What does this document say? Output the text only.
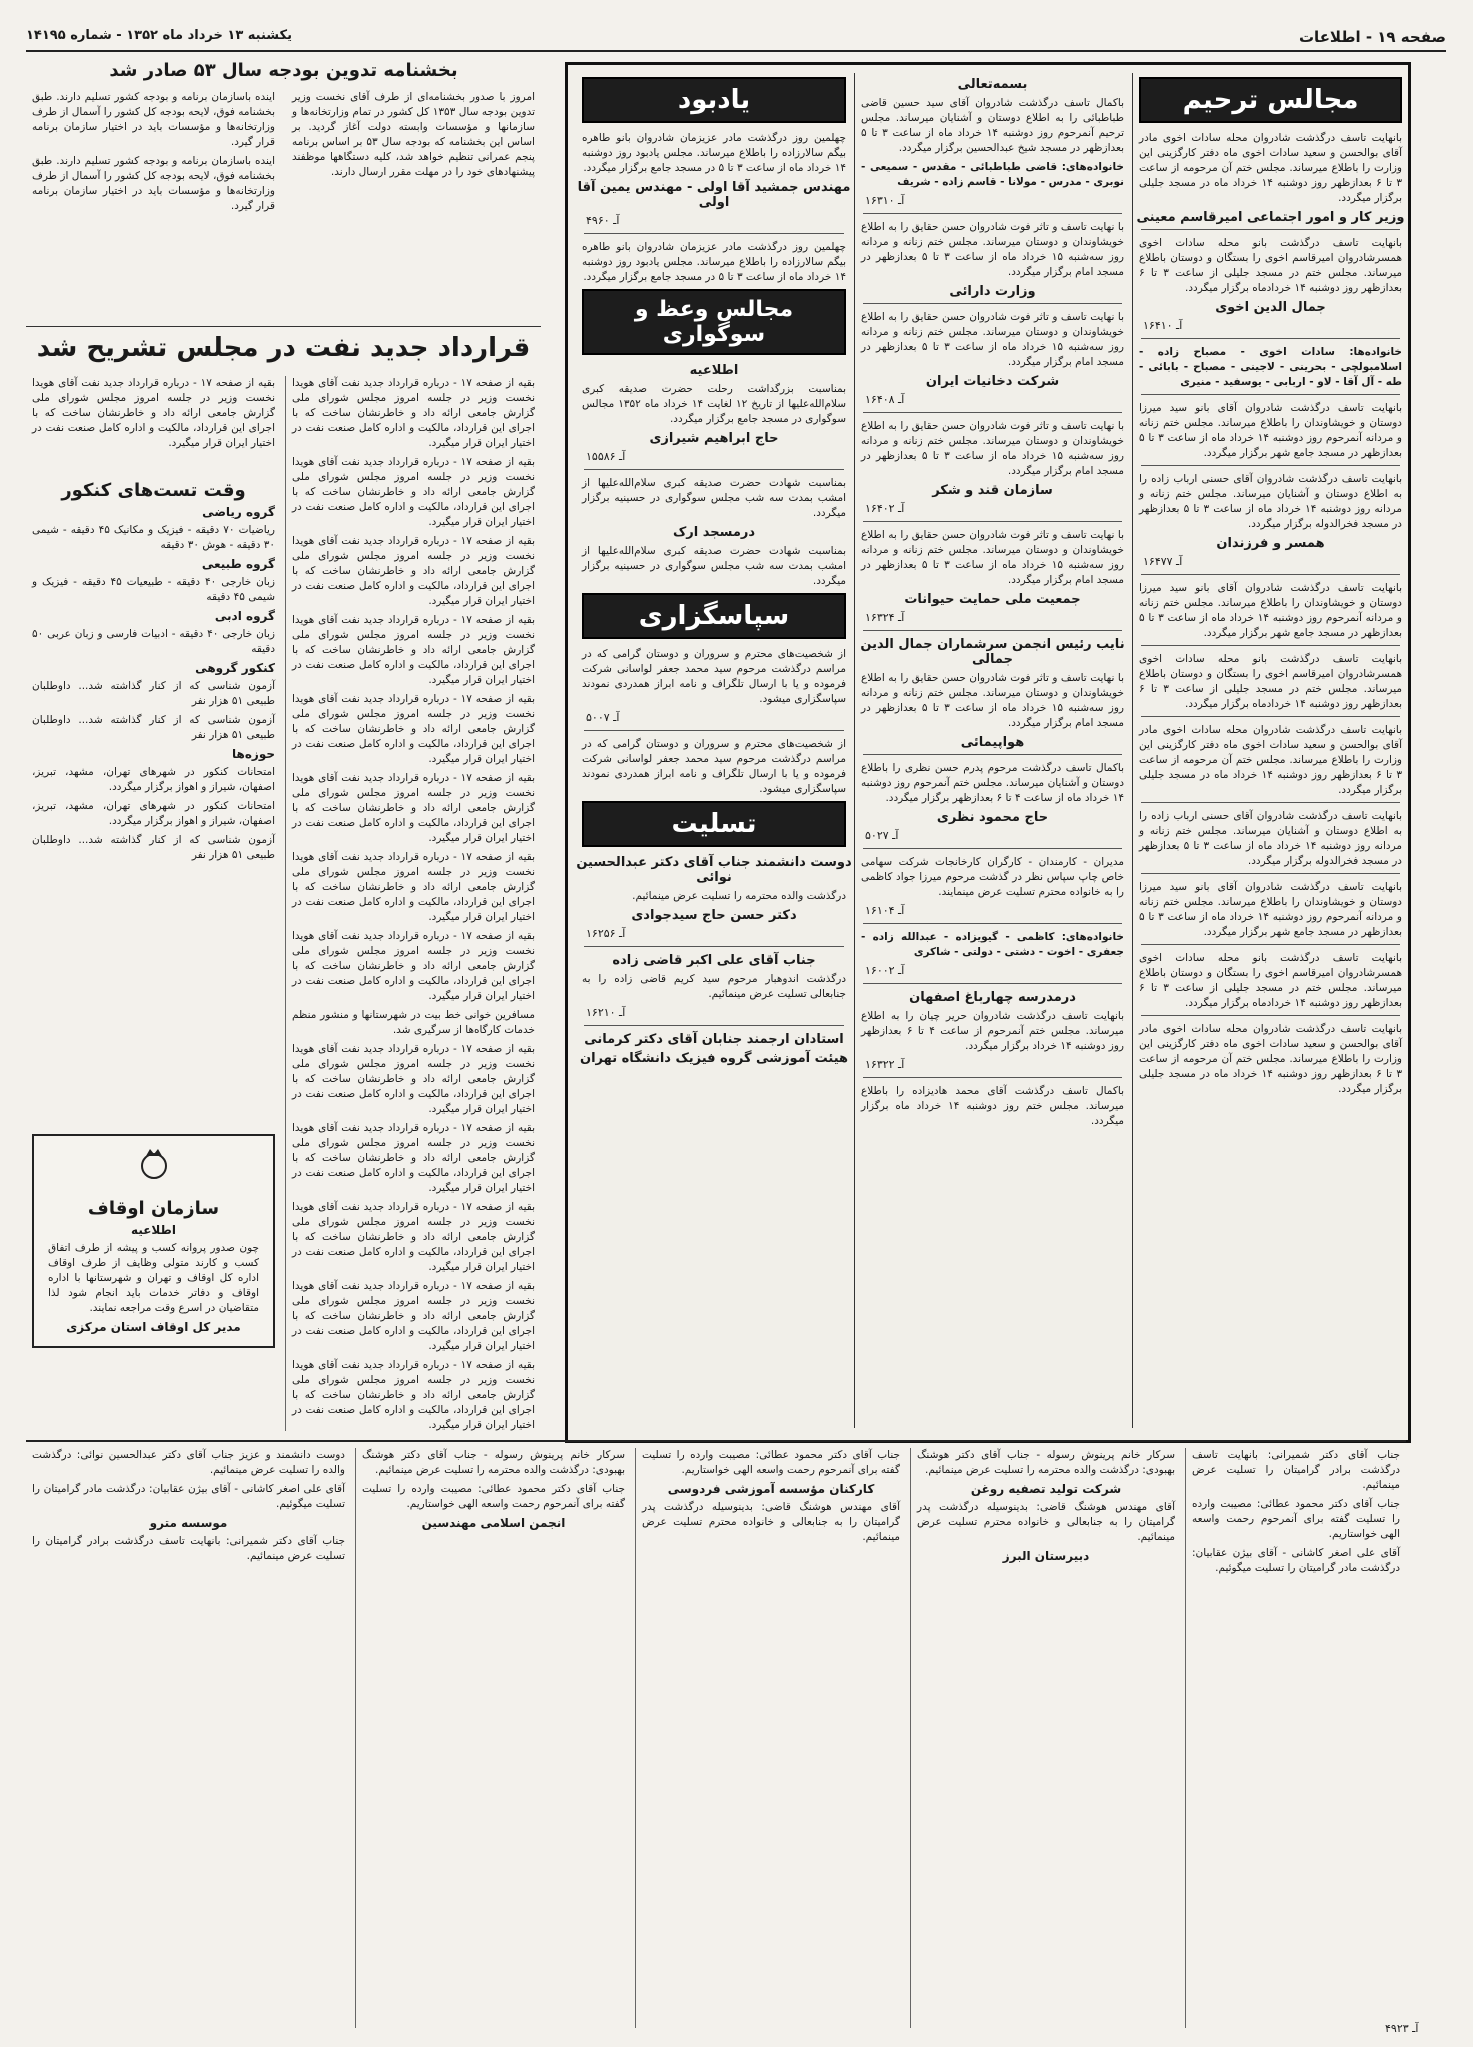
صفحه ۱۹ - اطلاعات
یکشنبه ۱۳ خرداد ماه ۱۳۵۲ - شماره ۱۴۱۹۵
مجالس ترحیم
بانهایت تاسف درگذشت شادروان محله سادات اخوی مادر آقای بوالحسن و سعید سادات اخوی ماه دفتر کارگزینی این وزارت را باطلاع میرساند. مجلس ختم آن مرحومه از ساعت ۳ تا ۶ بعدازظهر روز دوشنبه ۱۴ خرداد ماه در مسجد جلیلی برگزار میگردد.
وزیر کار و امور اجتماعی امیرقاسم معینی
بانهایت تاسف درگذشت بانو محله سادات اخوی همسرشادروان امیرقاسم اخوی را بستگان و دوستان باطلاع میرساند. مجلس ختم در مسجد جلیلی از ساعت ۳ تا ۶ بعدازظهر روز دوشنبه ۱۴ خردادماه برگزار میگردد.
جمال الدین اخوی
آـ ۱۶۴۱۰
خانواده‌ها: سادات اخوی - مصباح زاده - اسلامبولچی - بحرینی - لاجینی - مصباح - بابائی - طه - آل آقا - لاو - اربابی - یوسفید - منیری
بانهایت تاسف درگذشت شادروان آقای بانو سید میرزا دوستان و خویشاوندان را باطلاع میرساند. مجلس ختم زنانه و مردانه آنمرحوم روز دوشنبه ۱۴ خرداد ماه از ساعت ۳ تا ۵ بعدازظهر در مسجد جامع شهر برگزار میگردد.
بانهایت تاسف درگذشت شادروان آقای حسنی ارباب زاده را به اطلاع دوستان و آشنایان میرساند. مجلس ختم زنانه و مردانه روز دوشنبه ۱۴ خرداد ماه از ساعت ۳ تا ۵ بعدازظهر در مسجد فخرالدوله برگزار میگردد.
همسر و فرزندان
آـ ۱۶۴۷۷
بانهایت تاسف درگذشت شادروان آقای بانو سید میرزا دوستان و خویشاوندان را باطلاع میرساند. مجلس ختم زنانه و مردانه آنمرحوم روز دوشنبه ۱۴ خرداد ماه از ساعت ۳ تا ۵ بعدازظهر در مسجد جامع شهر برگزار میگردد.
بانهایت تاسف درگذشت بانو محله سادات اخوی همسرشادروان امیرقاسم اخوی را بستگان و دوستان باطلاع میرساند. مجلس ختم در مسجد جلیلی از ساعت ۳ تا ۶ بعدازظهر روز دوشنبه ۱۴ خردادماه برگزار میگردد.
بانهایت تاسف درگذشت شادروان محله سادات اخوی مادر آقای بوالحسن و سعید سادات اخوی ماه دفتر کارگزینی این وزارت را باطلاع میرساند. مجلس ختم آن مرحومه از ساعت ۳ تا ۶ بعدازظهر روز دوشنبه ۱۴ خرداد ماه در مسجد جلیلی برگزار میگردد.
بانهایت تاسف درگذشت شادروان آقای حسنی ارباب زاده را به اطلاع دوستان و آشنایان میرساند. مجلس ختم زنانه و مردانه روز دوشنبه ۱۴ خرداد ماه از ساعت ۳ تا ۵ بعدازظهر در مسجد فخرالدوله برگزار میگردد.
بانهایت تاسف درگذشت شادروان آقای بانو سید میرزا دوستان و خویشاوندان را باطلاع میرساند. مجلس ختم زنانه و مردانه آنمرحوم روز دوشنبه ۱۴ خرداد ماه از ساعت ۳ تا ۵ بعدازظهر در مسجد جامع شهر برگزار میگردد.
بانهایت تاسف درگذشت بانو محله سادات اخوی همسرشادروان امیرقاسم اخوی را بستگان و دوستان باطلاع میرساند. مجلس ختم در مسجد جلیلی از ساعت ۳ تا ۶ بعدازظهر روز دوشنبه ۱۴ خردادماه برگزار میگردد.
بانهایت تاسف درگذشت شادروان محله سادات اخوی مادر آقای بوالحسن و سعید سادات اخوی ماه دفتر کارگزینی این وزارت را باطلاع میرساند. مجلس ختم آن مرحومه از ساعت ۳ تا ۶ بعدازظهر روز دوشنبه ۱۴ خرداد ماه در مسجد جلیلی برگزار میگردد.
بسمه‌تعالی
باکمال تاسف درگذشت شادروان آقای سید حسین قاضی طباطبائی را به اطلاع دوستان و آشنایان میرساند. مجلس ترحیم آنمرحوم روز دوشنبه ۱۴ خرداد ماه از ساعت ۳ تا ۵ بعدازظهر در مسجد شیخ عبدالحسین برگزار میگردد.
خانواده‌های: قاضی طباطبائی - مقدس - سمیعی - نوبری - مدرس - مولانا - قاسم زاده - شریف
آـ ۱۶۳۱۰
با نهایت تاسف و تاثر فوت شادروان حسن حقایق را به اطلاع خویشاوندان و دوستان میرساند. مجلس ختم زنانه و مردانه روز سه‌شنبه ۱۵ خرداد ماه از ساعت ۳ تا ۵ بعدازظهر در مسجد امام برگزار میگردد.
وزارت دارائی
با نهایت تاسف و تاثر فوت شادروان حسن حقایق را به اطلاع خویشاوندان و دوستان میرساند. مجلس ختم زنانه و مردانه روز سه‌شنبه ۱۵ خرداد ماه از ساعت ۳ تا ۵ بعدازظهر در مسجد امام برگزار میگردد.
شرکت دخانیات ایران
آـ ۱۶۴۰۸
با نهایت تاسف و تاثر فوت شادروان حسن حقایق را به اطلاع خویشاوندان و دوستان میرساند. مجلس ختم زنانه و مردانه روز سه‌شنبه ۱۵ خرداد ماه از ساعت ۳ تا ۵ بعدازظهر در مسجد امام برگزار میگردد.
سازمان قند و شکر
آـ ۱۶۴۰۲
با نهایت تاسف و تاثر فوت شادروان حسن حقایق را به اطلاع خویشاوندان و دوستان میرساند. مجلس ختم زنانه و مردانه روز سه‌شنبه ۱۵ خرداد ماه از ساعت ۳ تا ۵ بعدازظهر در مسجد امام برگزار میگردد.
جمعیت ملی حمایت حیوانات
آـ ۱۶۳۲۴
نایب رئیس انجمن سرشماران جمال الدین جمالی
با نهایت تاسف و تاثر فوت شادروان حسن حقایق را به اطلاع خویشاوندان و دوستان میرساند. مجلس ختم زنانه و مردانه روز سه‌شنبه ۱۵ خرداد ماه از ساعت ۳ تا ۵ بعدازظهر در مسجد امام برگزار میگردد.
هواپیمائی
باکمال تاسف درگذشت مرحوم پدرم حسن نظری را باطلاع دوستان و آشنایان میرساند. مجلس ختم آنمرحوم روز دوشنبه ۱۴ خرداد ماه از ساعت ۴ تا ۶ بعدازظهر برگزار میگردد.
حاج محمود نظری
آـ ۵۰۲۷
مدیران - کارمندان - کارگران کارخانجات شرکت سهامی خاص چاپ سپاس نظر در گذشت مرحوم میرزا جواد کاظمی را به خانواده محترم تسلیت عرض مینمایند.
آـ ۱۶۱۰۴
خانواده‌های: کاظمی - گیویزاده - عبدالله زاده - جعفری - اخوت - دشتی - دولتی - شاکری
آـ ۱۶۰۰۲
درمدرسه چهارباغ اصفهان
بانهایت تاسف درگذشت شادروان حریر چیان را به اطلاع میرساند. مجلس ختم آنمرحوم از ساعت ۴ تا ۶ بعدازظهر روز دوشنبه ۱۴ خرداد برگزار میگردد.
آـ ۱۶۳۲۲
باکمال تاسف درگذشت آقای محمد هادیزاده را باطلاع میرساند. مجلس ختم روز دوشنبه ۱۴ خرداد ماه برگزار میگردد.
یادبود
چهلمین روز درگذشت مادر عزیزمان شادروان بانو طاهره بیگم سالارزاده را باطلاع میرساند. مجلس یادبود روز دوشنبه ۱۴ خرداد ماه از ساعت ۳ تا ۵ در مسجد جامع برگزار میگردد.
مهندس جمشید آقا اولی - مهندس یمین آقا اولی
آـ ۴۹۶۰
چهلمین روز درگذشت مادر عزیزمان شادروان بانو طاهره بیگم سالارزاده را باطلاع میرساند. مجلس یادبود روز دوشنبه ۱۴ خرداد ماه از ساعت ۳ تا ۵ در مسجد جامع برگزار میگردد.
مجالس وعظ و سوگواری
اطلاعیه
بمناسبت بزرگداشت رحلت حضرت صدیقه کبری سلام‌الله‌علیها از تاریخ ۱۲ لغایت ۱۴ خرداد ماه ۱۳۵۲ مجالس سوگواری در مسجد جامع برگزار میگردد.
حاج ابراهیم شیرازی
آـ ۱۵۵۸۶
بمناسبت شهادت حضرت صدیقه کبری سلام‌الله‌علیها از امشب بمدت سه شب مجلس سوگواری در حسینیه برگزار میگردد.
درمسجد ارک
بمناسبت شهادت حضرت صدیقه کبری سلام‌الله‌علیها از امشب بمدت سه شب مجلس سوگواری در حسینیه برگزار میگردد.
سپاسگزاری
از شخصیت‌های محترم و سروران و دوستان گرامی که در مراسم درگذشت مرحوم سید محمد جعفر لواسانی شرکت فرموده و یا با ارسال تلگراف و نامه ابراز همدردی نمودند سپاسگزاری میشود.
آـ ۵۰۰۷
از شخصیت‌های محترم و سروران و دوستان گرامی که در مراسم درگذشت مرحوم سید محمد جعفر لواسانی شرکت فرموده و یا با ارسال تلگراف و نامه ابراز همدردی نمودند سپاسگزاری میشود.
تسلیت
دوست دانشمند جناب آقای دکتر عبدالحسین نوائی
درگذشت والده محترمه را تسلیت عرض مینمائیم.
دکتر حسن حاج سیدجوادی
آـ ۱۶۲۵۶
جناب آقای علی اکبر قاضی زاده
درگذشت اندوهبار مرحوم سید کریم قاضی زاده را به جنابعالی تسلیت عرض مینمائیم.
آـ ۱۶۲۱۰
استادان ارجمند جنابان آقای دکتر کرمانی
هیئت آموزشی گروه فیزیک دانشگاه تهران
بخشنامه تدوین بودجه سال ۵۳ صادر شد
امروز با صدور بخشنامه‌ای از طرف آقای نخست وزیر تدوین بودجه سال ۱۳۵۳ کل کشور در تمام وزارتخانه‌ها و سازمانها و مؤسسات وابسته دولت آغاز گردید. بر اساس این بخشنامه که بودجه سال ۵۳ بر اساس برنامه پنجم عمرانی تنظیم خواهد شد، کلیه دستگاهها موظفند پیشنهادهای خود را در مهلت مقرر ارسال دارند.
اینده باسازمان برنامه و بودجه کشور تسلیم دارند. طبق بخشنامه فوق، لایحه بودجه کل کشور را آسمال از طرف وزارتخانه‌ها و مؤسسات باید در اختیار سازمان برنامه قرار گیرد.
اینده باسازمان برنامه و بودجه کشور تسلیم دارند. طبق بخشنامه فوق، لایحه بودجه کل کشور را آسمال از طرف وزارتخانه‌ها و مؤسسات باید در اختیار سازمان برنامه قرار گیرد.
قرارداد جدید نفت در مجلس تشریح شد
بقیه از صفحه ۱۷ - درباره قرارداد جدید نفت آقای هویدا نخست وزیر در جلسه امروز مجلس شورای ملی گزارش جامعی ارائه داد و خاطرنشان ساخت که با اجرای این قرارداد، مالکیت و اداره کامل صنعت نفت در اختیار ایران قرار میگیرد.
بقیه از صفحه ۱۷ - درباره قرارداد جدید نفت آقای هویدا نخست وزیر در جلسه امروز مجلس شورای ملی گزارش جامعی ارائه داد و خاطرنشان ساخت که با اجرای این قرارداد، مالکیت و اداره کامل صنعت نفت در اختیار ایران قرار میگیرد.
بقیه از صفحه ۱۷ - درباره قرارداد جدید نفت آقای هویدا نخست وزیر در جلسه امروز مجلس شورای ملی گزارش جامعی ارائه داد و خاطرنشان ساخت که با اجرای این قرارداد، مالکیت و اداره کامل صنعت نفت در اختیار ایران قرار میگیرد.
بقیه از صفحه ۱۷ - درباره قرارداد جدید نفت آقای هویدا نخست وزیر در جلسه امروز مجلس شورای ملی گزارش جامعی ارائه داد و خاطرنشان ساخت که با اجرای این قرارداد، مالکیت و اداره کامل صنعت نفت در اختیار ایران قرار میگیرد.
بقیه از صفحه ۱۷ - درباره قرارداد جدید نفت آقای هویدا نخست وزیر در جلسه امروز مجلس شورای ملی گزارش جامعی ارائه داد و خاطرنشان ساخت که با اجرای این قرارداد، مالکیت و اداره کامل صنعت نفت در اختیار ایران قرار میگیرد.
بقیه از صفحه ۱۷ - درباره قرارداد جدید نفت آقای هویدا نخست وزیر در جلسه امروز مجلس شورای ملی گزارش جامعی ارائه داد و خاطرنشان ساخت که با اجرای این قرارداد، مالکیت و اداره کامل صنعت نفت در اختیار ایران قرار میگیرد.
بقیه از صفحه ۱۷ - درباره قرارداد جدید نفت آقای هویدا نخست وزیر در جلسه امروز مجلس شورای ملی گزارش جامعی ارائه داد و خاطرنشان ساخت که با اجرای این قرارداد، مالکیت و اداره کامل صنعت نفت در اختیار ایران قرار میگیرد.
بقیه از صفحه ۱۷ - درباره قرارداد جدید نفت آقای هویدا نخست وزیر در جلسه امروز مجلس شورای ملی گزارش جامعی ارائه داد و خاطرنشان ساخت که با اجرای این قرارداد، مالکیت و اداره کامل صنعت نفت در اختیار ایران قرار میگیرد.
مسافرین خوانی خط بیت در شهرستانها و منشور منظم خدمات کارگاه‌ها از سرگیری شد.
بقیه از صفحه ۱۷ - درباره قرارداد جدید نفت آقای هویدا نخست وزیر در جلسه امروز مجلس شورای ملی گزارش جامعی ارائه داد و خاطرنشان ساخت که با اجرای این قرارداد، مالکیت و اداره کامل صنعت نفت در اختیار ایران قرار میگیرد.
بقیه از صفحه ۱۷ - درباره قرارداد جدید نفت آقای هویدا نخست وزیر در جلسه امروز مجلس شورای ملی گزارش جامعی ارائه داد و خاطرنشان ساخت که با اجرای این قرارداد، مالکیت و اداره کامل صنعت نفت در اختیار ایران قرار میگیرد.
بقیه از صفحه ۱۷ - درباره قرارداد جدید نفت آقای هویدا نخست وزیر در جلسه امروز مجلس شورای ملی گزارش جامعی ارائه داد و خاطرنشان ساخت که با اجرای این قرارداد، مالکیت و اداره کامل صنعت نفت در اختیار ایران قرار میگیرد.
بقیه از صفحه ۱۷ - درباره قرارداد جدید نفت آقای هویدا نخست وزیر در جلسه امروز مجلس شورای ملی گزارش جامعی ارائه داد و خاطرنشان ساخت که با اجرای این قرارداد، مالکیت و اداره کامل صنعت نفت در اختیار ایران قرار میگیرد.
بقیه از صفحه ۱۷ - درباره قرارداد جدید نفت آقای هویدا نخست وزیر در جلسه امروز مجلس شورای ملی گزارش جامعی ارائه داد و خاطرنشان ساخت که با اجرای این قرارداد، مالکیت و اداره کامل صنعت نفت در اختیار ایران قرار میگیرد.
بقیه از صفحه ۱۷ - درباره قرارداد جدید نفت آقای هویدا نخست وزیر در جلسه امروز مجلس شورای ملی گزارش جامعی ارائه داد و خاطرنشان ساخت که با اجرای این قرارداد، مالکیت و اداره کامل صنعت نفت در اختیار ایران قرار میگیرد.
وقت تست‌های کنکور
گروه ریاضی
ریاضیات ۷۰ دقیقه - فیزیک و مکانیک ۴۵ دقیقه - شیمی ۳۰ دقیقه - هوش ۳۰ دقیقه
گروه طبیعی
زبان خارجی ۴۰ دقیقه - طبیعیات ۴۵ دقیقه - فیزیک و شیمی ۴۵ دقیقه
گروه ادبی
زبان خارجی ۴۰ دقیقه - ادبیات فارسی و زبان عربی ۵۰ دقیقه
کنکور گروهی
آزمون شناسی که از کنار گذاشته شد... داوطلبان طبیعی ۵۱ هزار نفر
آزمون شناسی که از کنار گذاشته شد... داوطلبان طبیعی ۵۱ هزار نفر
حوزه‌ها
امتحانات کنکور در شهرهای تهران، مشهد، تبریز، اصفهان، شیراز و اهواز برگزار میگردد.
امتحانات کنکور در شهرهای تهران، مشهد، تبریز، اصفهان، شیراز و اهواز برگزار میگردد.
آزمون شناسی که از کنار گذاشته شد... داوطلبان طبیعی ۵۱ هزار نفر
سازمان اوقاف
اطلاعیه
چون صدور پروانه کسب و پیشه از طرف اتفاق کسب و کارند متولی وظایف از طرف اوقاف اداره کل اوقاف و تهران و شهرستانها با اداره اوقاف و دفاتر خدمات باید انجام شود لذا متقاضیان در اسرع وقت مراجعه نمایند.
مدیر کل اوقاف استان مرکزی
جناب آقای دکتر شمیرانی: بانهایت تاسف درگذشت برادر گرامیتان را تسلیت عرض مینمائیم.
جناب آقای دکتر محمود عطائی: مصیبت وارده را تسلیت گفته برای آنمرحوم رحمت واسعه الهی خواستاریم.
آقای علی اصغر کاشانی - آقای بیژن عقابیان: درگذشت مادر گرامیتان را تسلیت میگوئیم.
سرکار خانم پرینوش رسوله - جناب آقای دکتر هوشنگ بهبودی: درگذشت والده محترمه را تسلیت عرض مینمائیم.
شرکت تولید تصفیه روغن
آقای مهندس هوشنگ قاضی: بدینوسیله درگذشت پدر گرامیتان را به جنابعالی و خانواده محترم تسلیت عرض مینمائیم.
دبیرستان البرز
جناب آقای دکتر محمود عطائی: مصیبت وارده را تسلیت گفته برای آنمرحوم رحمت واسعه الهی خواستاریم.
کارکنان مؤسسه آموزشی فردوسی
آقای مهندس هوشنگ قاضی: بدینوسیله درگذشت پدر گرامیتان را به جنابعالی و خانواده محترم تسلیت عرض مینمائیم.
سرکار خانم پرینوش رسوله - جناب آقای دکتر هوشنگ بهبودی: درگذشت والده محترمه را تسلیت عرض مینمائیم.
جناب آقای دکتر محمود عطائی: مصیبت وارده را تسلیت گفته برای آنمرحوم رحمت واسعه الهی خواستاریم.
انجمن اسلامی مهندسین
دوست دانشمند و عزیز جناب آقای دکتر عبدالحسین نوائی: درگذشت والده را تسلیت عرض مینمائیم.
آقای علی اصغر کاشانی - آقای بیژن عقابیان: درگذشت مادر گرامیتان را تسلیت میگوئیم.
موسسه مترو
جناب آقای دکتر شمیرانی: بانهایت تاسف درگذشت برادر گرامیتان را تسلیت عرض مینمائیم.
آـ ۴۹۲۳
